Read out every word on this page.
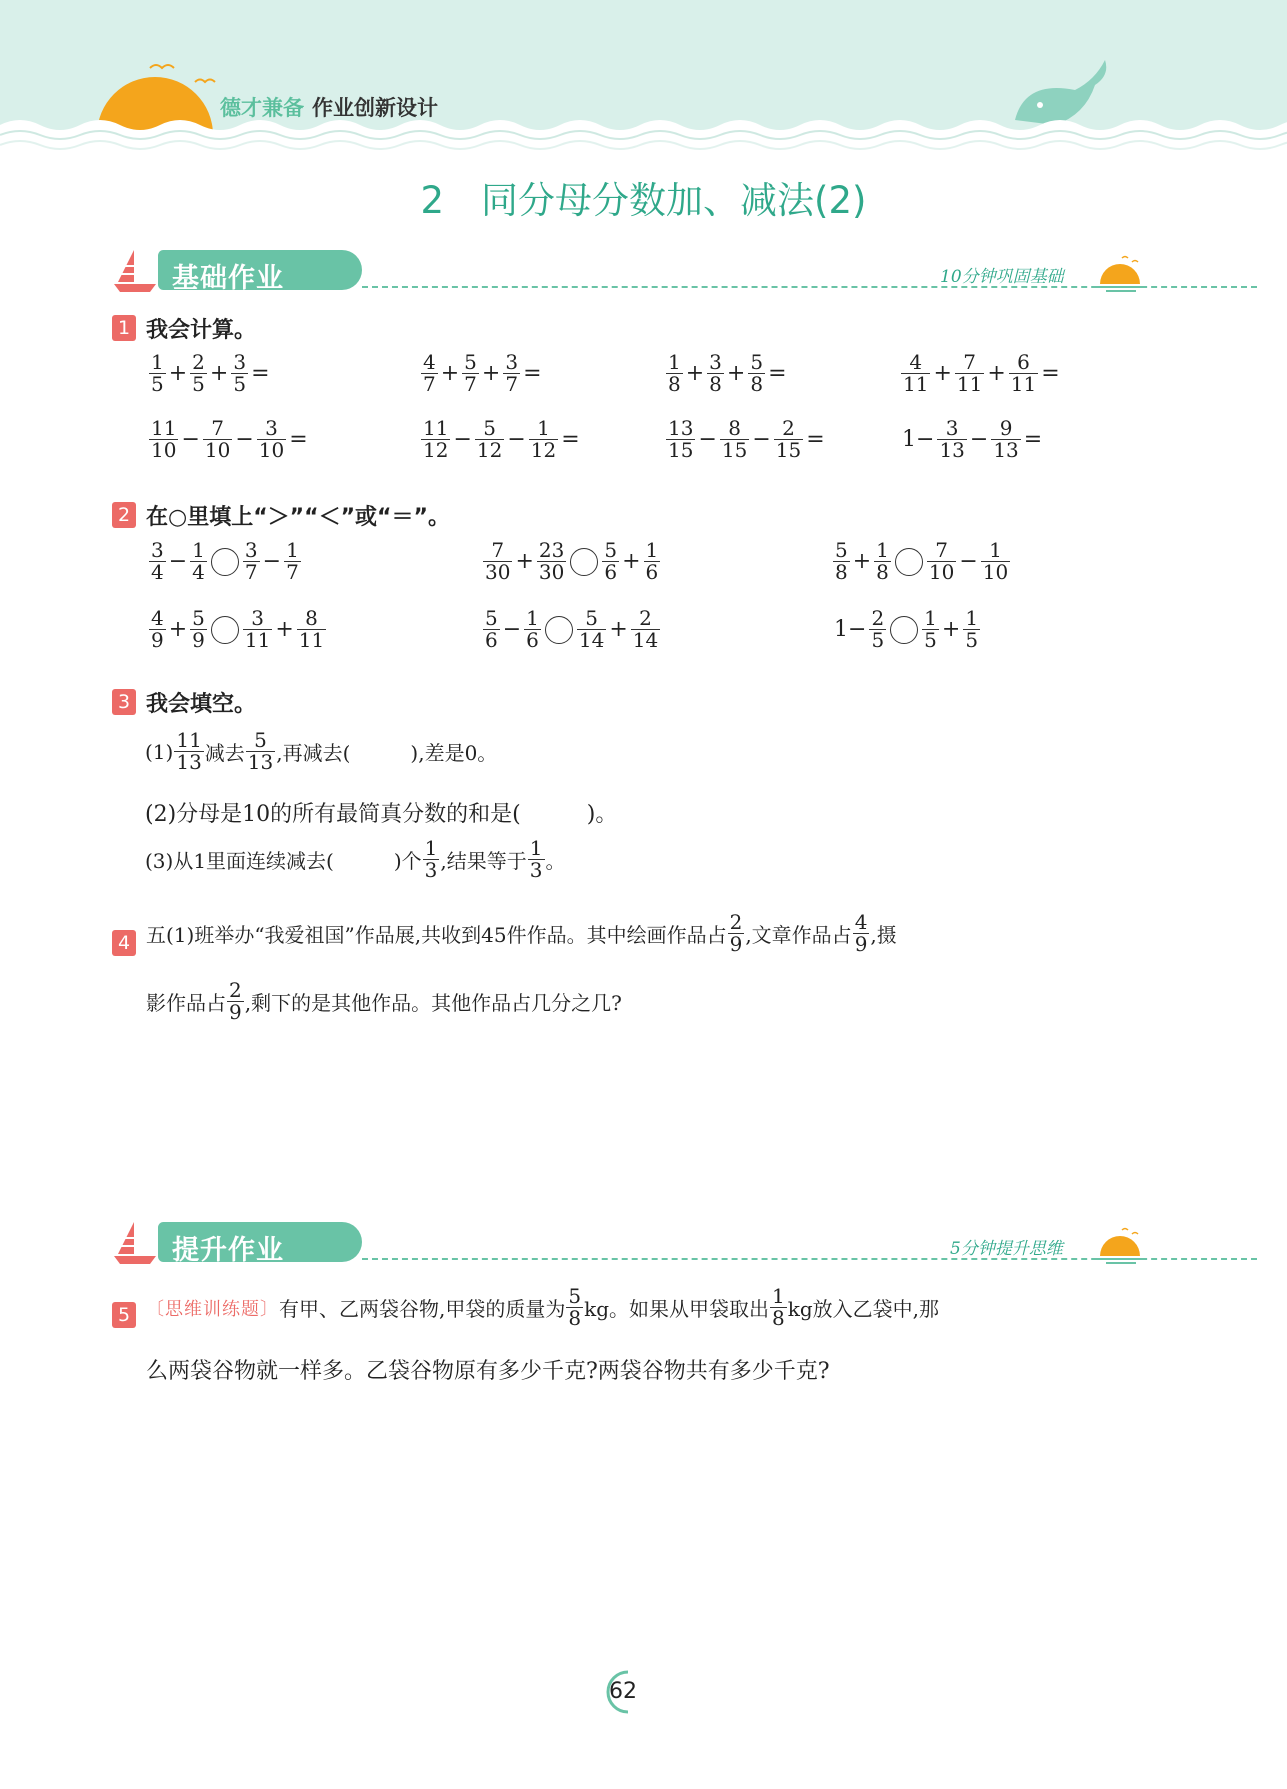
德才兼备 作业创新设计
2　同分母分数加、减法(2)
基础作业	10分钟巩固基础
1 我会计算。
$\frac{1}{5} + \frac{2}{5} + \frac{3}{5}$ =	$\frac{4}{7} + \frac{5}{7} + \frac{3}{7}$ =	$\frac{1}{8} + \frac{3}{8} + \frac{5}{8}$ =	$\frac{4}{11} + \frac{7}{11} + \frac{6}{11}$ =
$\frac{11}{10} - \frac{7}{10} - \frac{3}{10}$ =	$\frac{11}{12} - \frac{5}{12} - \frac{1}{12}$ =	$\frac{13}{15} - \frac{8}{15} - \frac{2}{15}$ =	$1- \frac{3}{13} - \frac{9}{13}$ =
2 在○里填上“＞”“＜”或“＝”。
$\frac{3}{4} - \frac{1}{4} \frac{3}{7} - \frac{1}{7}$	$\frac{7}{30} + \frac{23}{30} \frac{5}{6} + \frac{1}{6}$	$\frac{5}{8} + \frac{1}{8} \frac{7}{10} - \frac{1}{10}$
$\frac{4}{9} + \frac{5}{9} \frac{3}{11} + \frac{8}{11}$	$\frac{5}{6} - \frac{1}{6} \frac{5}{14} + \frac{2}{14}$	$1- \frac{2}{5} \frac{1}{5} + \frac{1}{5}$
3 我会填空。
$(1) \frac{11}{13}$ 减去 $\frac{5}{13}$ ,再减去(　　　),差是0。
(2)分母是10的所有最简真分数的和是(　　　)。
(3)从1里面连续减去(　　　)个 $\frac{1}{3}$ ,结果等于 $\frac{1}{3}$ 。
4 五(1)班举办“我爱祖国”作品展,共收到45件作品。其中绘画作品占 $\frac{2}{9}$ ,文章作品占 $\frac{4}{9}$ ,摄
影作品占 $\frac{2}{9}$ ,剩下的是其他作品。其他作品占几分之几?
提升作业	5分钟提升思维
5 〔思维训练题〕 有甲、乙两袋谷物,甲袋的质量为 $\frac{5}{8}$ kg。如果从甲袋取出 $\frac{1}{8}$ kg放入乙袋中,那
么两袋谷物就一样多。乙袋谷物原有多少千克?两袋谷物共有多少千克?
62
